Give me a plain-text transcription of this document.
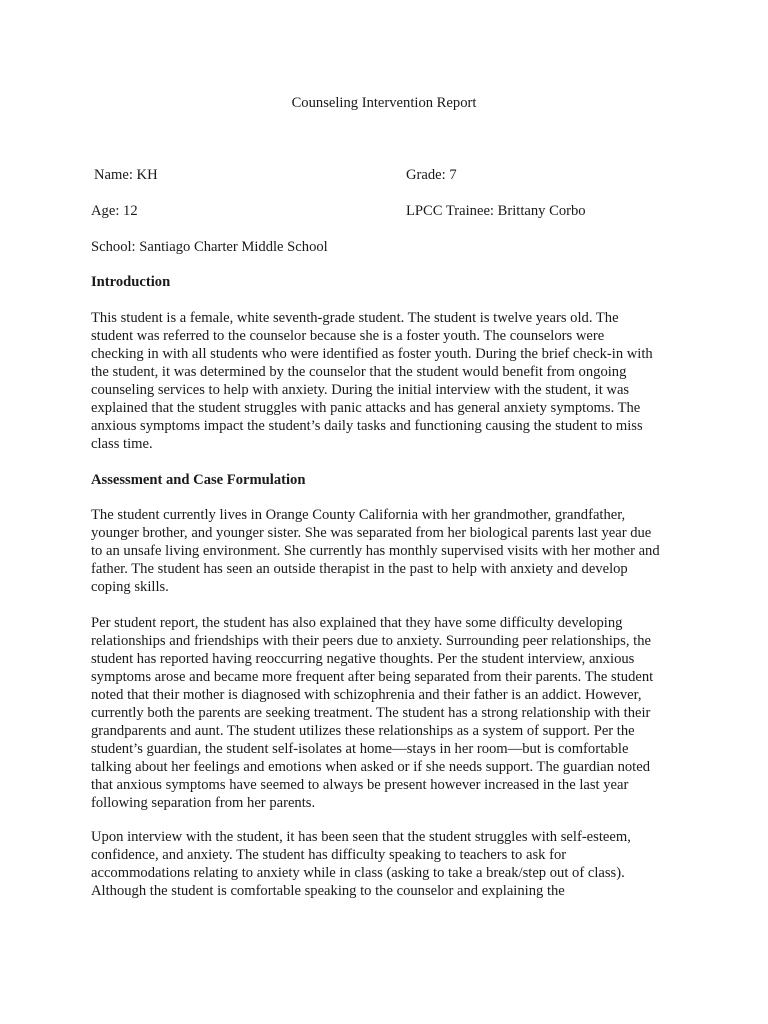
Counseling Intervention Report
Name: KH	Grade: 7
Age: 12	LPCC Trainee: Brittany Corbo
School: Santiago Charter Middle School
Introduction
This student is a female, white seventh-grade student. The student is twelve years old. The
student was referred to the counselor because she is a foster youth. The counselors were
checking in with all students who were identified as foster youth. During the brief check-in with
the student, it was determined by the counselor that the student would benefit from ongoing
counseling services to help with anxiety. During the initial interview with the student, it was
explained that the student struggles with panic attacks and has general anxiety symptoms. The
anxious symptoms impact the student’s daily tasks and functioning causing the student to miss
class time.
Assessment and Case Formulation
The student currently lives in Orange County California with her grandmother, grandfather,
younger brother, and younger sister. She was separated from her biological parents last year due
to an unsafe living environment. She currently has monthly supervised visits with her mother and
father. The student has seen an outside therapist in the past to help with anxiety and develop
coping skills.
Per student report, the student has also explained that they have some difficulty developing
relationships and friendships with their peers due to anxiety. Surrounding peer relationships, the
student has reported having reoccurring negative thoughts. Per the student interview, anxious
symptoms arose and became more frequent after being separated from their parents. The student
noted that their mother is diagnosed with schizophrenia and their father is an addict. However,
currently both the parents are seeking treatment. The student has a strong relationship with their
grandparents and aunt. The student utilizes these relationships as a system of support. Per the
student’s guardian, the student self-isolates at home—stays in her room—but is comfortable
talking about her feelings and emotions when asked or if she needs support. The guardian noted
that anxious symptoms have seemed to always be present however increased in the last year
following separation from her parents.
Upon interview with the student, it has been seen that the student struggles with self-esteem,
confidence, and anxiety. The student has difficulty speaking to teachers to ask for
accommodations relating to anxiety while in class (asking to take a break/step out of class).
Although the student is comfortable speaking to the counselor and explaining the
